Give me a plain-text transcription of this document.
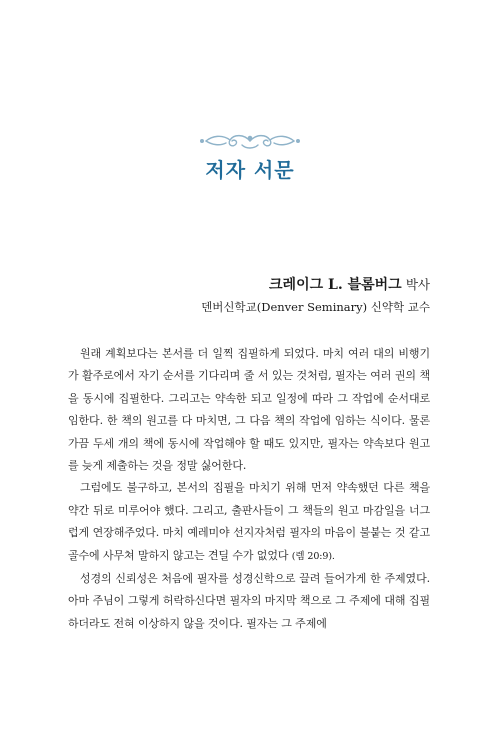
저자 서문
크레이그 L. 블롬버그 박사
덴버신학교(Denver Seminary) 신약학 교수

원래 계획보다는 본서를 더 일찍 집필하게 되었다. 마치 여러 대의 비행기가 활주로에서 자기 순서를 기다리며 줄 서 있는 것처럼, 필자는 여러 권의 책을 동시에 집필한다. 그리고는 약속한 되고 일정에 따라 그 작업에 순서대로 임한다. 한 책의 원고를 다 마치면, 그 다음 책의 작업에 임하는 식이다. 물론 가끔 두세 개의 책에 동시에 작업해야 할 때도 있지만, 필자는 약속보다 원고를 늦게 제출하는 것을 정말 싫어한다.

그럼에도 불구하고, 본서의 집필을 마치기 위해 먼저 약속했던 다른 책을 약간 뒤로 미루어야 했다. 그리고, 출판사들이 그 책들의 원고 마감일을 너그럽게 연장해주었다. 마치 예레미야 선지자처럼 필자의 마음이 불붙는 것 같고 골수에 사무쳐 말하지 않고는 견딜 수가 없었다 (렘 20:9).

성경의 신뢰성은 처음에 필자를 성경신학으로 끌려 들어가게 한 주제였다. 아마 주님이 그렇게 허락하신다면 필자의 마지막 책으로 그 주제에 대해 집필하더라도 전혀 이상하지 않을 것이다. 필자는 그 주제에
